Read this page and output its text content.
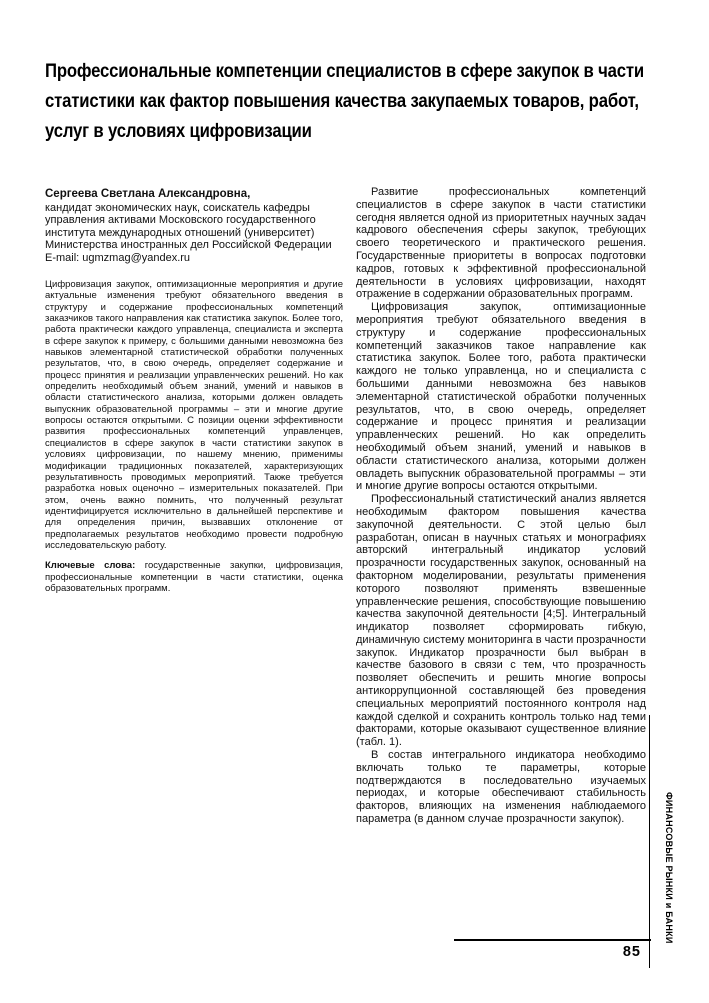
Профессиональные компетенции специалистов в сфере закупок в части статистики как фактор повышения качества закупаемых товаров, работ, услуг в условиях цифровизации
Сергеева Светлана Александровна,
кандидат экономических наук, соискатель кафедры управления активами Московского государственного института международных отношений (университет) Министерства иностранных дел Российской Федерации
E-mail: ugmzmag@yandex.ru

Цифровизация закупок, оптимизационные мероприятия и другие актуальные изменения требуют обязательного введения в структуру и содержание профессиональных компетенций заказчиков такого направления как статистика закупок. Более того, работа практически каждого управленца, специалиста и эксперта в сфере закупок к примеру, с большими данными невозможна без навыков элементарной статистической обработки полученных результатов, что, в свою очередь, определяет содержание и процесс принятия и реализации управленческих решений. Но как определить необходимый объем знаний, умений и навыков в области статистического анализа, которыми должен овладеть выпускник образовательной программы – эти и многие другие вопросы остаются открытыми. С позиции оценки эффективности развития профессиональных компетенций управленцев, специалистов в сфере закупок в части статистики закупок в условиях цифровизации, по нашему мнению, применимы модификации традиционных показателей, характеризующих результативность проводимых мероприятий. Также требуется разработка новых оценочно – измерительных показателей. При этом, очень важно помнить, что полученный результат идентифицируется исключительно в дальнейшей перспективе и для определения причин, вызвавших отклонение от предполагаемых результатов необходимо провести подробную исследовательскую работу.

Ключевые слова: государственные закупки, цифровизация, профессиональные компетенции в части статистики, оценка образовательных программ.

Развитие профессиональных компетенций специалистов в сфере закупок в части статистики сегодня является одной из приоритетных научных задач кадрового обеспечения сферы закупок, требующих своего теоретического и практического решения. Государственные приоритеты в вопросах подготовки кадров, готовых к эффективной профессиональной деятельности в условиях цифровизации, находят отражение в содержании образовательных программ.

Цифровизация закупок, оптимизационные мероприятия требуют обязательного введения в структуру и содержание профессиональных компетенций заказчиков такое направление как статистика закупок. Более того, работа практически каждого не только управленца, но и специалиста с большими данными невозможна без навыков элементарной статистической обработки полученных результатов, что, в свою очередь, определяет содержание и процесс принятия и реализации управленческих решений. Но как определить необходимый объем знаний, умений и навыков в области статистического анализа, которыми должен овладеть выпускник образовательной программы – эти и многие другие вопросы остаются открытыми.

Профессиональный статистический анализ является необходимым фактором повышения качества закупочной деятельности. С этой целью был разработан, описан в научных статьях и монографиях авторский интегральный индикатор условий прозрачности государственных закупок, основанный на факторном моделировании, результаты применения которого позволяют применять взвешенные управленческие решения, способствующие повышению качества закупочной деятельности [4;5]. Интегральный индикатор позволяет сформировать гибкую, динамичную систему мониторинга в части прозрачности закупок. Индикатор прозрачности был выбран в качестве базового в связи с тем, что прозрачность позволяет обеспечить и решить многие вопросы антикоррупционной составляющей без проведения специальных мероприятий постоянного контроля над каждой сделкой и сохранить контроль только над теми факторами, которые оказывают существенное влияние (табл. 1).

В состав интегрального индикатора необходимо включать только те параметры, которые подтверждаются в последовательно изучаемых периодах, и которые обеспечивают стабильность факторов, влияющих на изменения наблюдаемого параметра (в данном случае прозрачности закупок).	ФИНАНСОВЫЕ РЫНКИ и БАНКИ
85
